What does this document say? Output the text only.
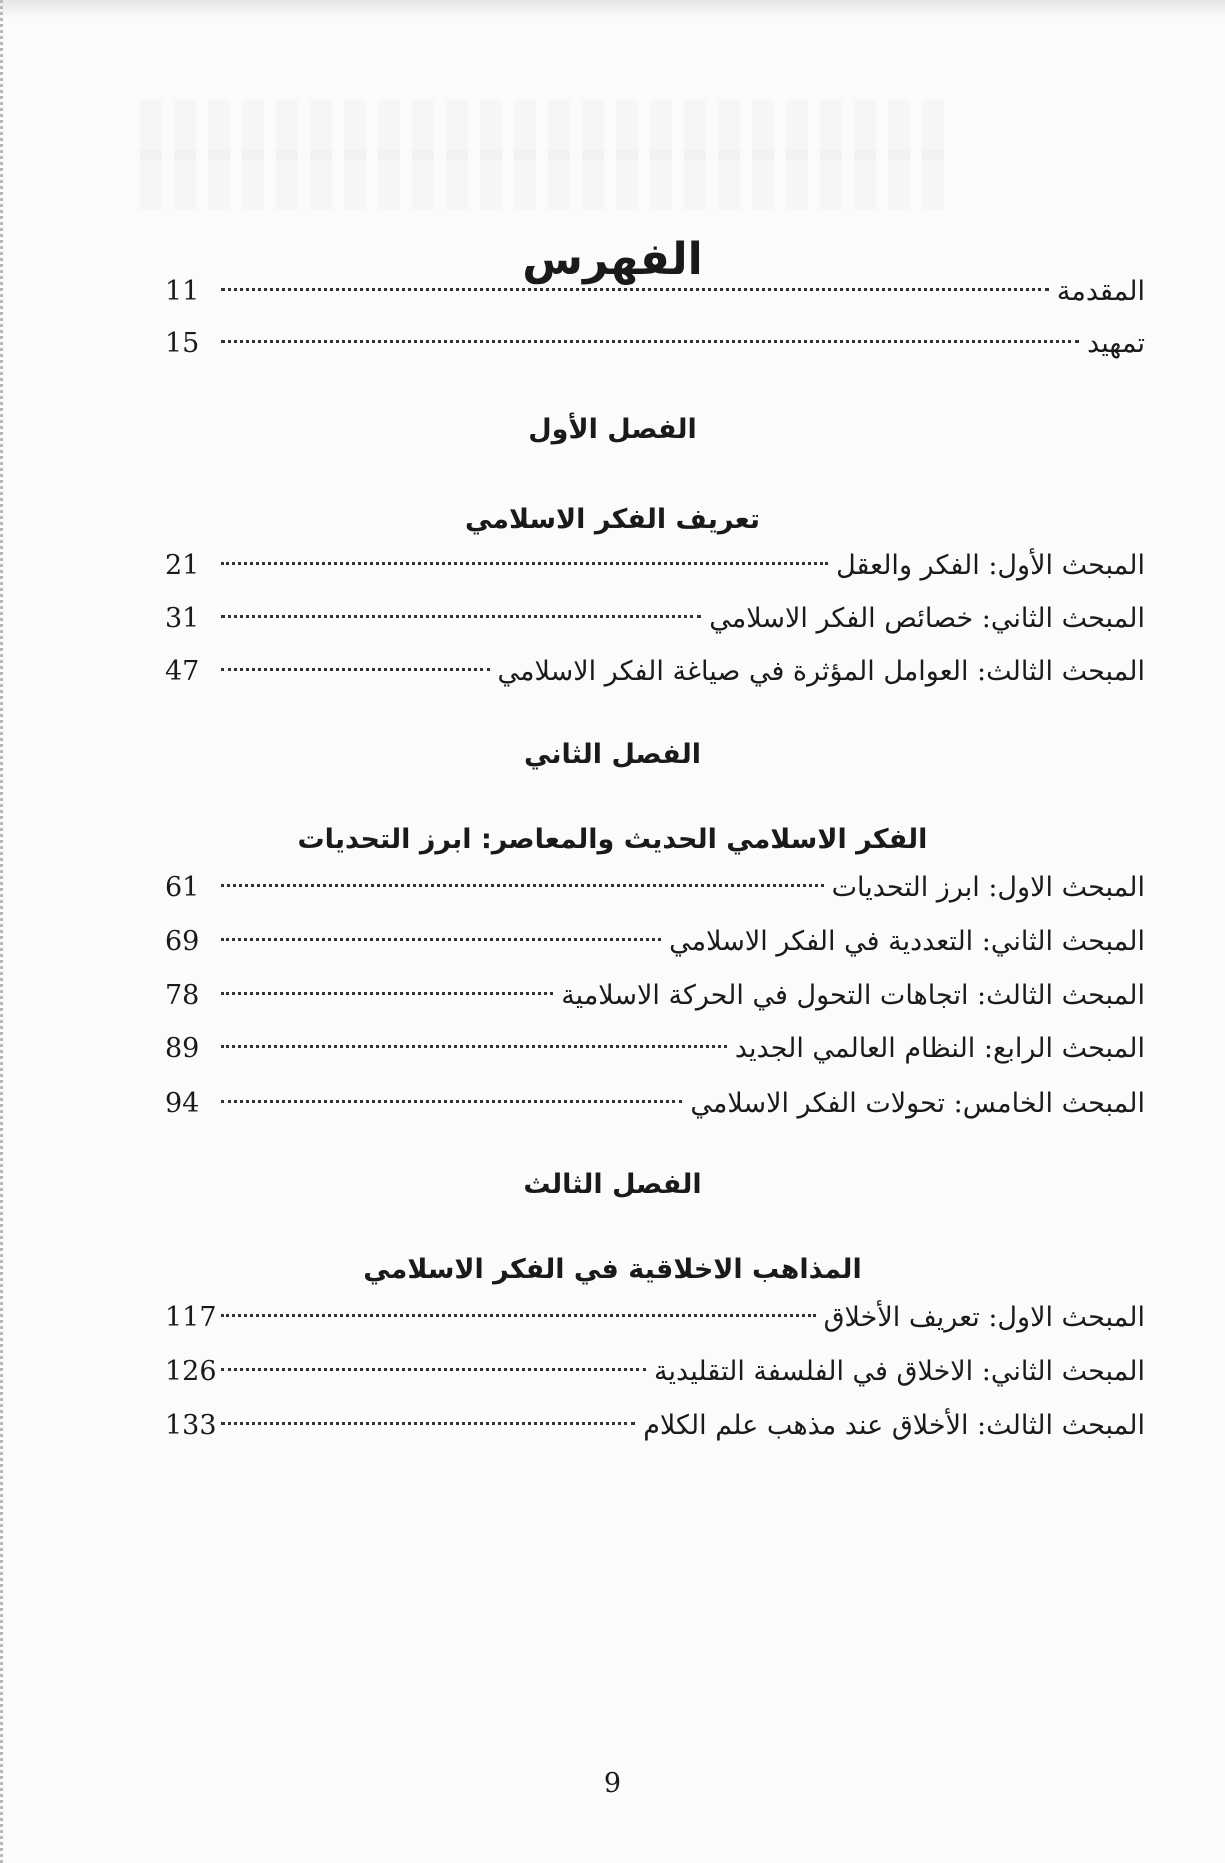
الفهرس
المقدمة
11
تمهيد
15
الفصل الأول
تعريف الفكر الاسلامي
المبحث الأول: الفكر والعقل
21
المبحث الثاني: خصائص الفكر الاسلامي
31
المبحث الثالث: العوامل المؤثرة في صياغة الفكر الاسلامي
47
الفصل الثاني
الفكر الاسلامي الحديث والمعاصر: ابرز التحديات
المبحث الاول: ابرز التحديات
61
المبحث الثاني: التعددية في الفكر الاسلامي
69
المبحث الثالث: اتجاهات التحول في الحركة الاسلامية
78
المبحث الرابع: النظام العالمي الجديد
89
المبحث الخامس: تحولات الفكر الاسلامي
94
الفصل الثالث
المذاهب الاخلاقية في الفكر الاسلامي
المبحث الاول: تعريف الأخلاق
117
المبحث الثاني: الاخلاق في الفلسفة التقليدية
126
المبحث الثالث: الأخلاق عند مذهب علم الكلام
133
9
